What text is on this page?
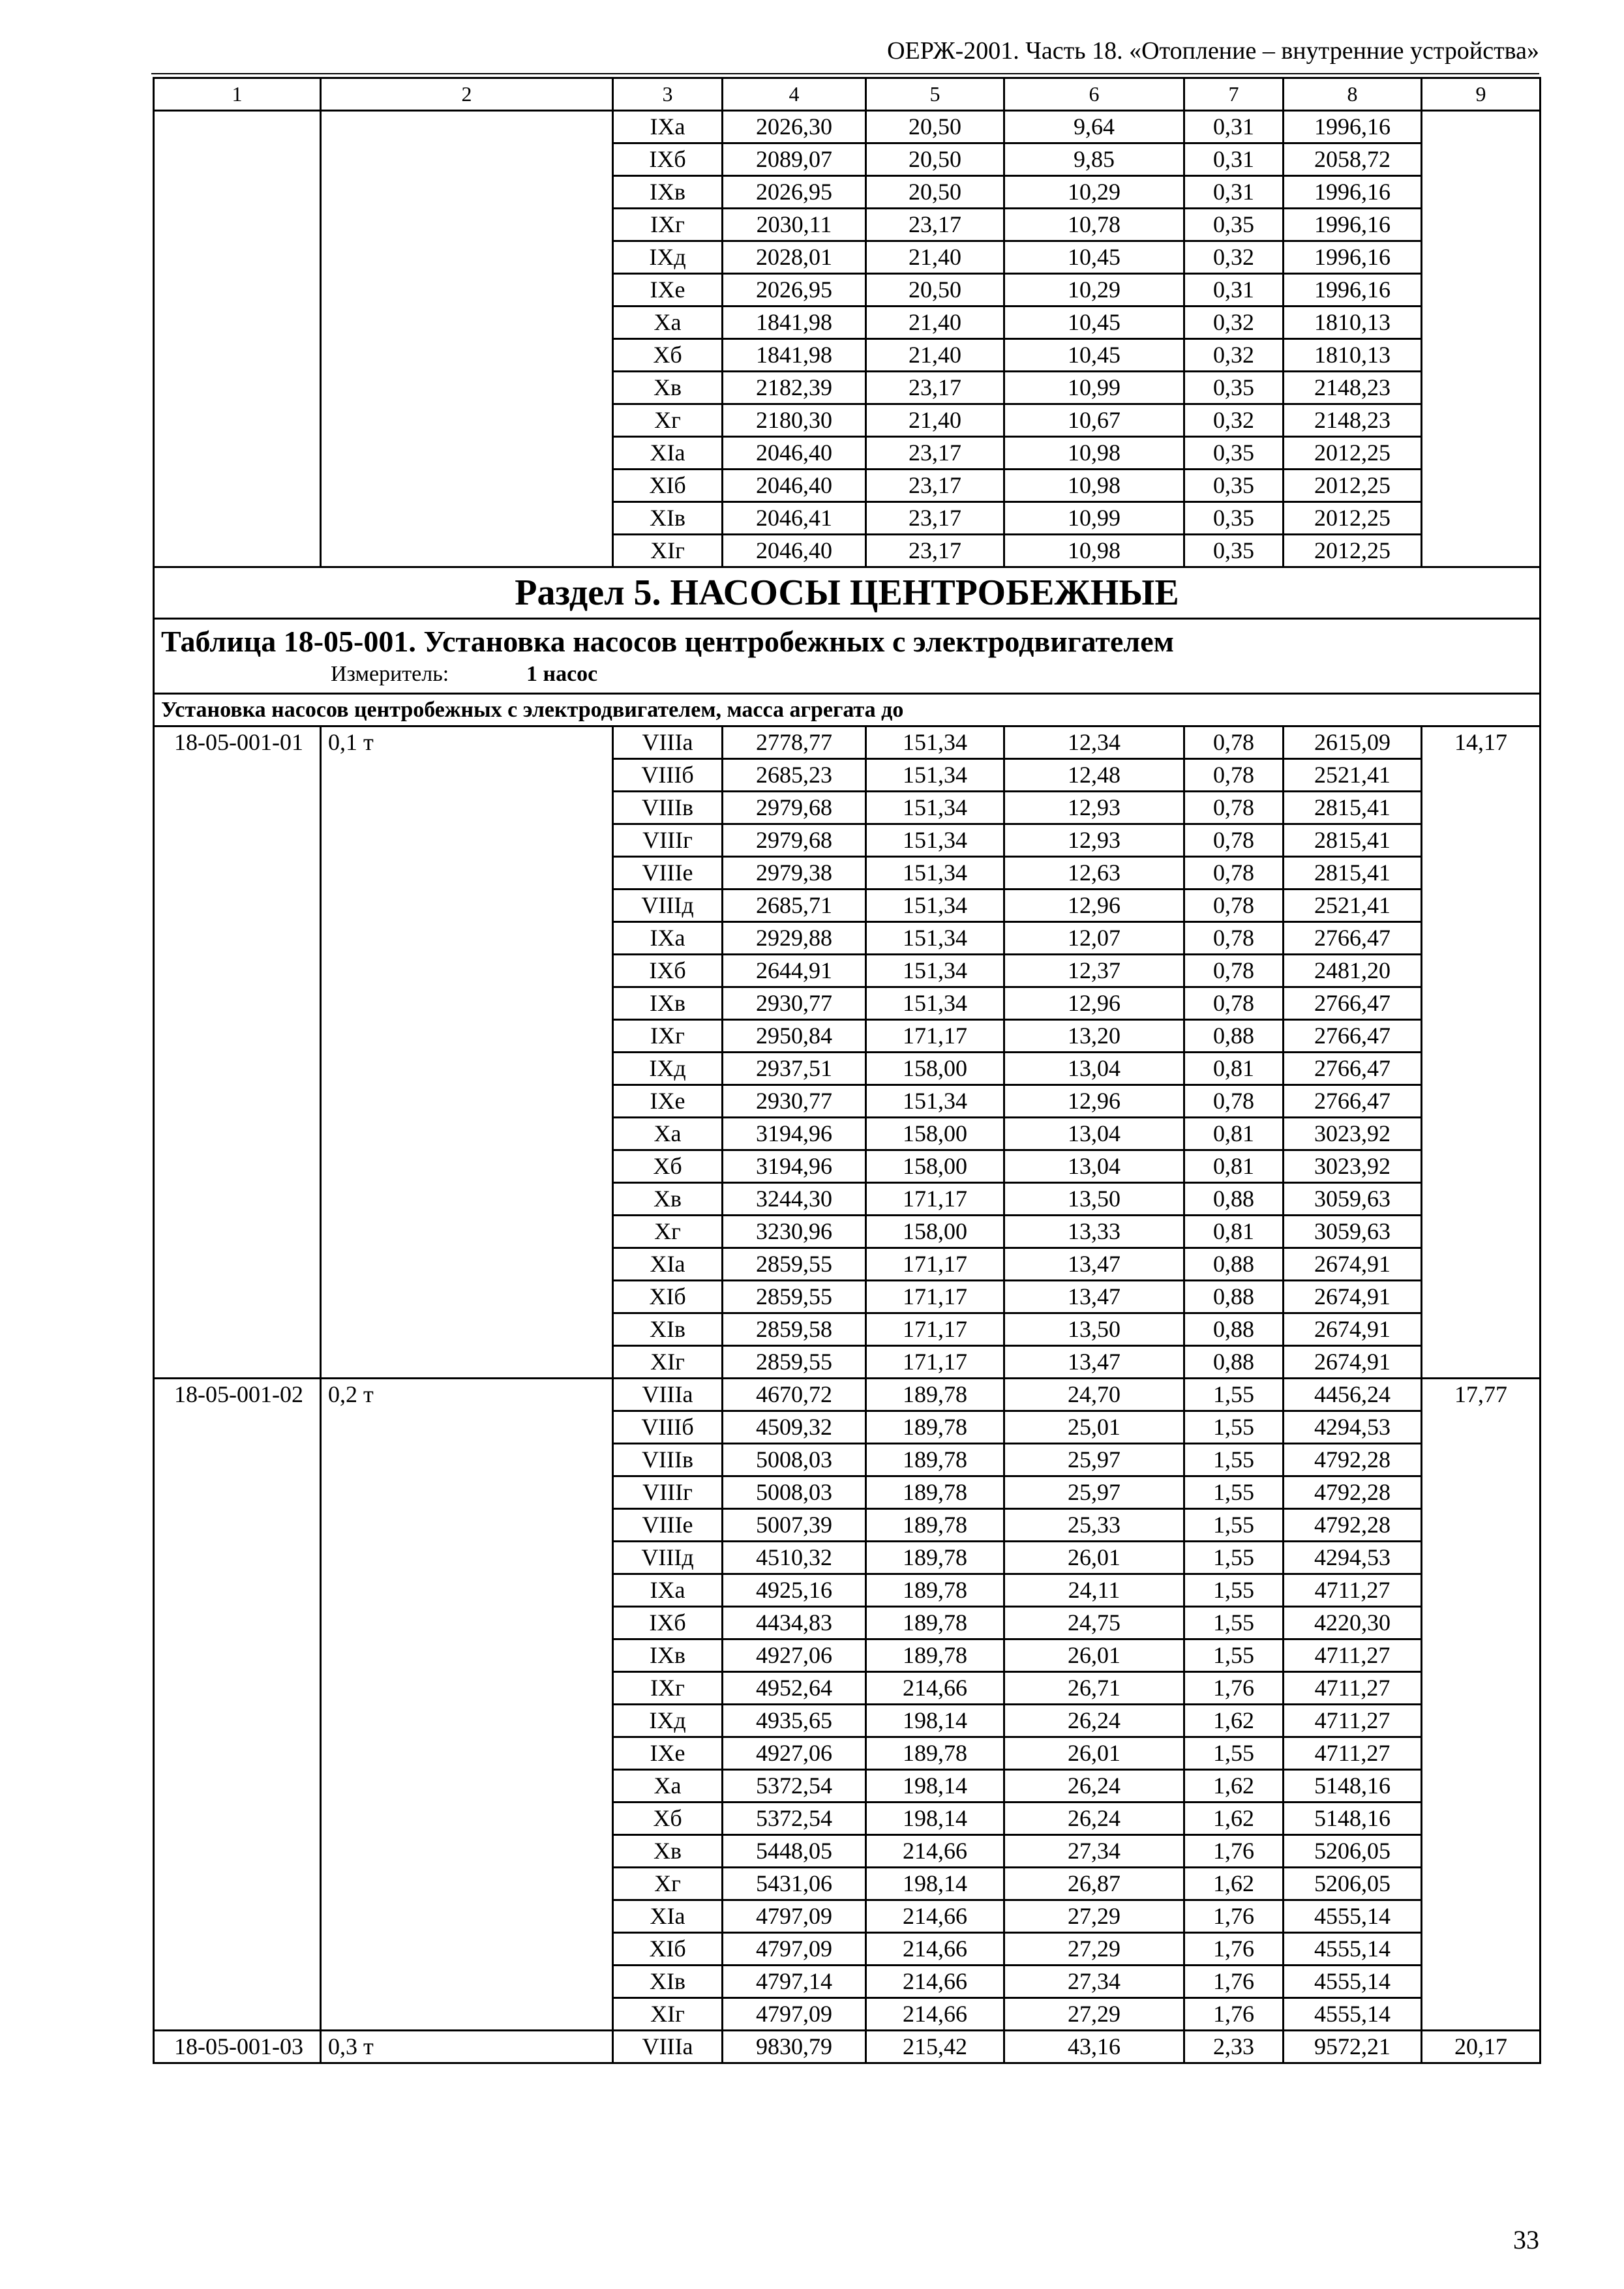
ОЕРЖ-2001. Часть 18. «Отопление – внутренние устройства»
1	2	3	4	5	6	7	8	9
		IXа	2026,30	20,50	9,64	0,31	1996,16	
		IXб	2089,07	20,50	9,85	0,31	2058,72	
		IXв	2026,95	20,50	10,29	0,31	1996,16	
		IXг	2030,11	23,17	10,78	0,35	1996,16	
		IXд	2028,01	21,40	10,45	0,32	1996,16	
		IXе	2026,95	20,50	10,29	0,31	1996,16	
		Xа	1841,98	21,40	10,45	0,32	1810,13	
		Xб	1841,98	21,40	10,45	0,32	1810,13	
		Xв	2182,39	23,17	10,99	0,35	2148,23	
		Xг	2180,30	21,40	10,67	0,32	2148,23	
		XIа	2046,40	23,17	10,98	0,35	2012,25	
		XIб	2046,40	23,17	10,98	0,35	2012,25	
		XIв	2046,41	23,17	10,99	0,35	2012,25	
		XIг	2046,40	23,17	10,98	0,35	2012,25	
Раздел 5. НАСОСЫ ЦЕНТРОБЕЖНЫЕ								

Таблица 18-05-001. Установка насосов центробежных с электродвигателем
Измеритель: 1 насос								

Установка насосов центробежных с электродвигателем, масса агрегата до								
18-05-001-01	0,1 т	VIIIа	2778,77	151,34	12,34	0,78	2615,09	14,17
		VIIIб	2685,23	151,34	12,48	0,78	2521,41	
		VIIIв	2979,68	151,34	12,93	0,78	2815,41	
		VIIIг	2979,68	151,34	12,93	0,78	2815,41	
		VIIIе	2979,38	151,34	12,63	0,78	2815,41	
		VIIIд	2685,71	151,34	12,96	0,78	2521,41	
		IXа	2929,88	151,34	12,07	0,78	2766,47	
		IXб	2644,91	151,34	12,37	0,78	2481,20	
		IXв	2930,77	151,34	12,96	0,78	2766,47	
		IXг	2950,84	171,17	13,20	0,88	2766,47	
		IXд	2937,51	158,00	13,04	0,81	2766,47	
		IXе	2930,77	151,34	12,96	0,78	2766,47	
		Xа	3194,96	158,00	13,04	0,81	3023,92	
		Xб	3194,96	158,00	13,04	0,81	3023,92	
		Xв	3244,30	171,17	13,50	0,88	3059,63	
		Xг	3230,96	158,00	13,33	0,81	3059,63	
		XIа	2859,55	171,17	13,47	0,88	2674,91	
		XIб	2859,55	171,17	13,47	0,88	2674,91	
		XIв	2859,58	171,17	13,50	0,88	2674,91	
		XIг	2859,55	171,17	13,47	0,88	2674,91	
18-05-001-02	0,2 т	VIIIа	4670,72	189,78	24,70	1,55	4456,24	17,77
		VIIIб	4509,32	189,78	25,01	1,55	4294,53	
		VIIIв	5008,03	189,78	25,97	1,55	4792,28	
		VIIIг	5008,03	189,78	25,97	1,55	4792,28	
		VIIIе	5007,39	189,78	25,33	1,55	4792,28	
		VIIIд	4510,32	189,78	26,01	1,55	4294,53	
		IXа	4925,16	189,78	24,11	1,55	4711,27	
		IXб	4434,83	189,78	24,75	1,55	4220,30	
		IXв	4927,06	189,78	26,01	1,55	4711,27	
		IXг	4952,64	214,66	26,71	1,76	4711,27	
		IXд	4935,65	198,14	26,24	1,62	4711,27	
		IXе	4927,06	189,78	26,01	1,55	4711,27	
		Xа	5372,54	198,14	26,24	1,62	5148,16	
		Xб	5372,54	198,14	26,24	1,62	5148,16	
		Xв	5448,05	214,66	27,34	1,76	5206,05	
		Xг	5431,06	198,14	26,87	1,62	5206,05	
		XIа	4797,09	214,66	27,29	1,76	4555,14	
		XIб	4797,09	214,66	27,29	1,76	4555,14	
		XIв	4797,14	214,66	27,34	1,76	4555,14	
		XIг	4797,09	214,66	27,29	1,76	4555,14	
18-05-001-03	0,3 т	VIIIа	9830,79	215,42	43,16	2,33	9572,21	20,17
33
